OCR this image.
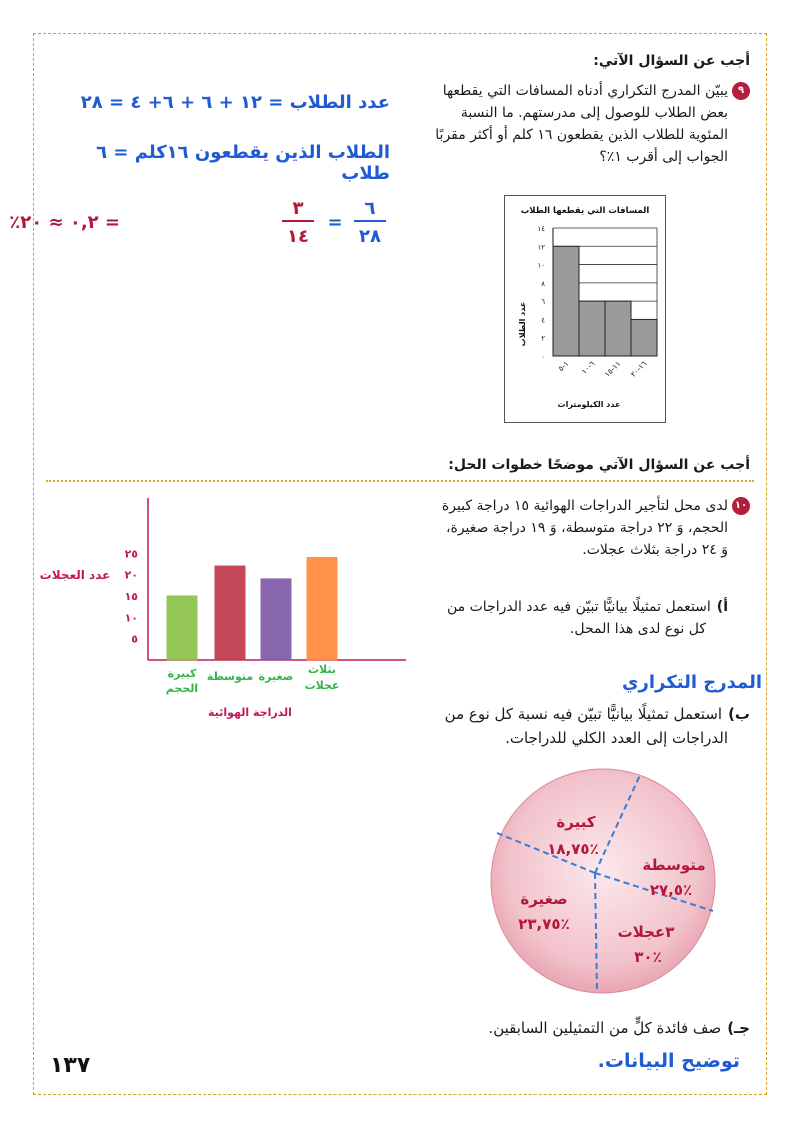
أجب عن السؤال الآتي:
٩يبيّن المدرج التكراري أدناه المسافات التي يقطعها
بعض الطلاب للوصول إلى مدرستهم. ما النسبة
المئوية للطلاب الذين يقطعون ١٦ كلم أو أكثر مقربًا
الجواب إلى أقرب ١٪؟
عدد الطلاب = ١٢ + ٦ + ٦+ ٤ = ٢٨
الطلاب الذين يقطعون ١٦كلم = ٦ طلاب
= ٠,٢ ≈ ٢٠٪
٣
١٤
=
٦
٢٨
المسافات التي يقطعها الطلاب
عدد الطلاب
عدد الكيلومترات
٠
٢
٤
٦
٨
١٠
١٢
١٤
١-٥
٦-١٠
١١-١٥
١٦-٢٠
أجب عن السؤال الآتي موضحًا خطوات الحل:
١٠لدى محل لتأجير الدراجات الهوائية ١٥ دراجة كبيرة
الحجم، وَ ٢٢ دراجة متوسطة، وَ ١٩ دراجة صغيرة،
وَ ٢٤ دراجة بثلاث عجلات.
أ)استعمل تمثيلًا بيانيًّا تبيّن فيه عدد الدراجات من
كل نوع لدى هذا المحل.
المدرج التكراري
ب)استعمل تمثيلًا بيانيًّا تبيّن فيه نسبة كل نوع من
الدراجات إلى العدد الكلي للدراجات.
عدد العجلات
٥
١٠
١٥
٢٠
٢٥
كبيرة
الحجم
متوسطة صغيرة
بثلاث
عجلات
الدراجة الهوائية
كبيرة
١٨,٧٥٪
متوسطة
٢٧,٥٪
صغيرة
٢٣,٧٥٪	٣عجلات
٣٠٪
جـ)صف فائدة كلٍّ من التمثيلين السابقين.
توضيح البيانات.
١٣٧
